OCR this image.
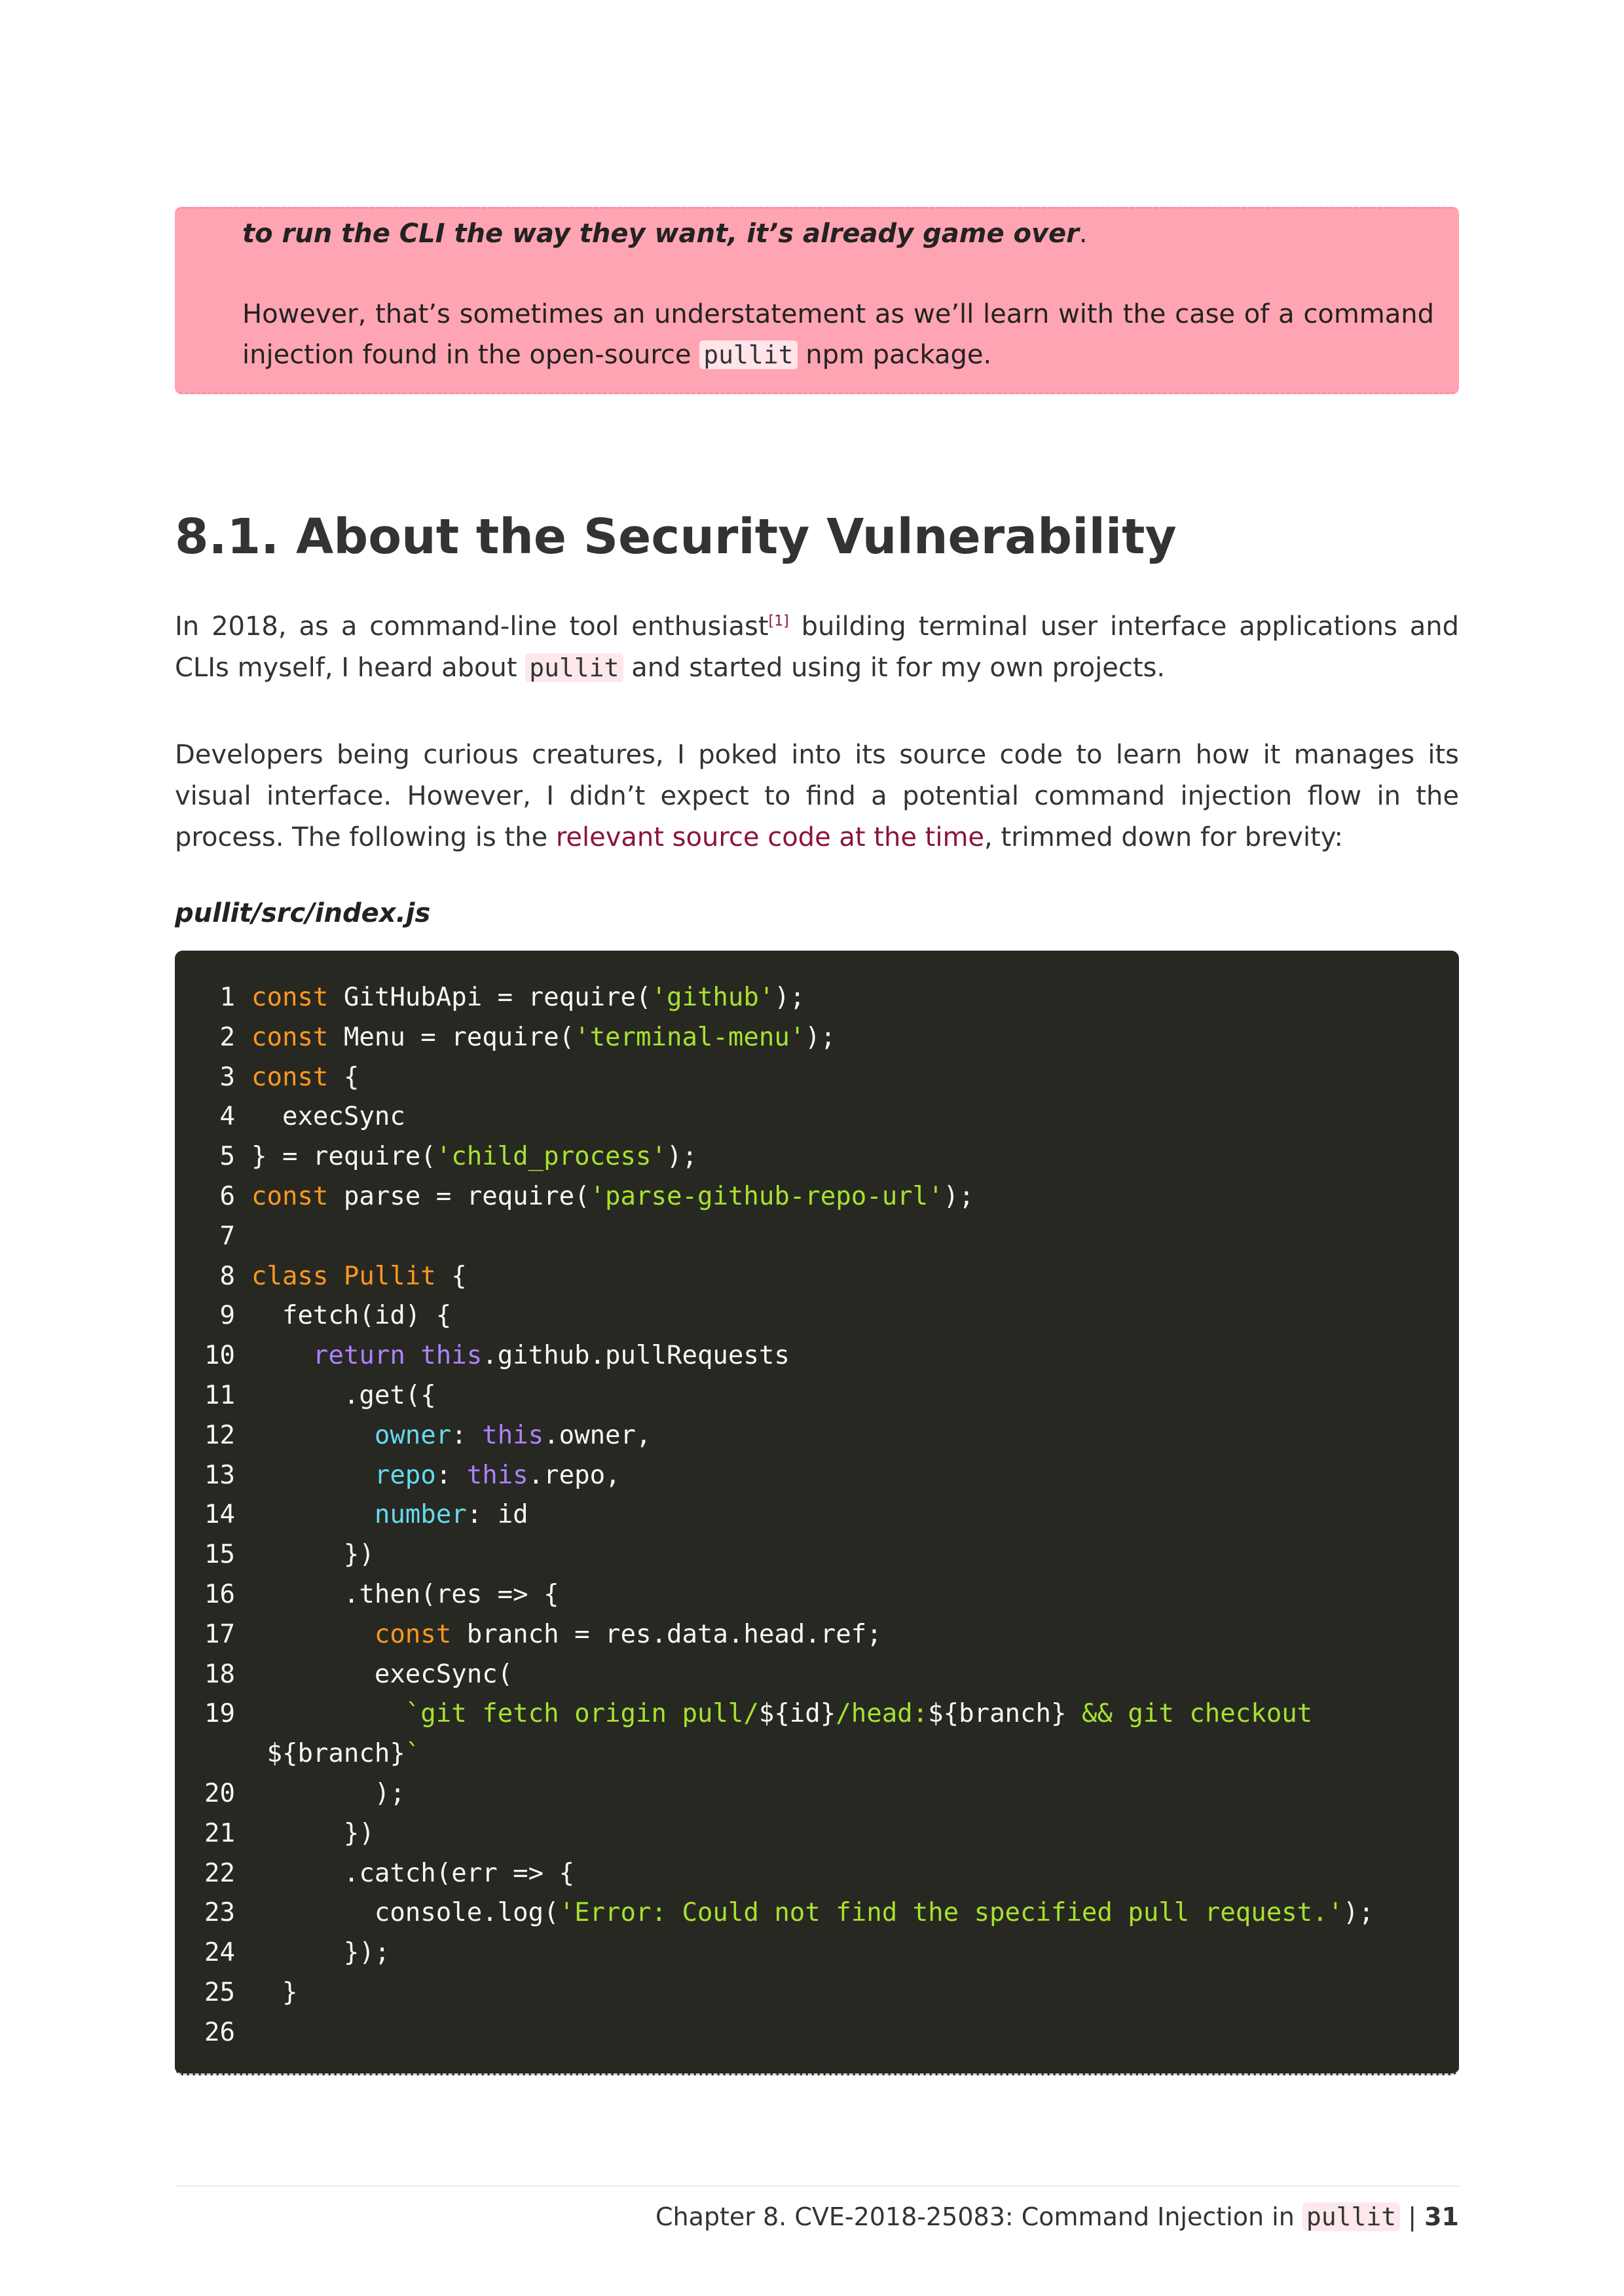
to run the CLI the way they want, it’s already game over.
However, that’s sometimes an understatement as we’ll learn with the case of a command injection found in the open-source pullit npm package.
8.1. About the Security Vulnerability

In 2018, as a command-line tool enthusiast[1] building terminal user interface applications and CLIs myself, I heard about pullit and started using it for my own projects.

Developers being curious creatures, I poked into its source code to learn how it manages its visual interface. However, I didn’t expect to find a potential command injection flow in the process. The following is the relevant source code at the time, trimmed down for brevity:

pullit/src/index.js
1 const GitHubApi = require('github');
2 const Menu = require('terminal-menu');
3 const {
4 execSync
5 } = require('child_process');
6 const parse = require('parse-github-repo-url');
7
8 class Pullit {
9 fetch(id) {
10	return this.github.pullRequests
11 .get({
12	owner: this.owner,
13	repo: this.repo,
14	number: id
15 })
16 .then(res => {
17	const branch = res.data.head.ref;
18 execSync(
19	`git fetch origin pull/${id}/head:${branch} && git checkout
${branch}`
20 );
21 })
22 .catch(err => {
23 console.log('Error: Could not find the specified pull request.');
24 });
25 }
26
Chapter 8. CVE-2018-25083: Command Injection in pullit | 31
